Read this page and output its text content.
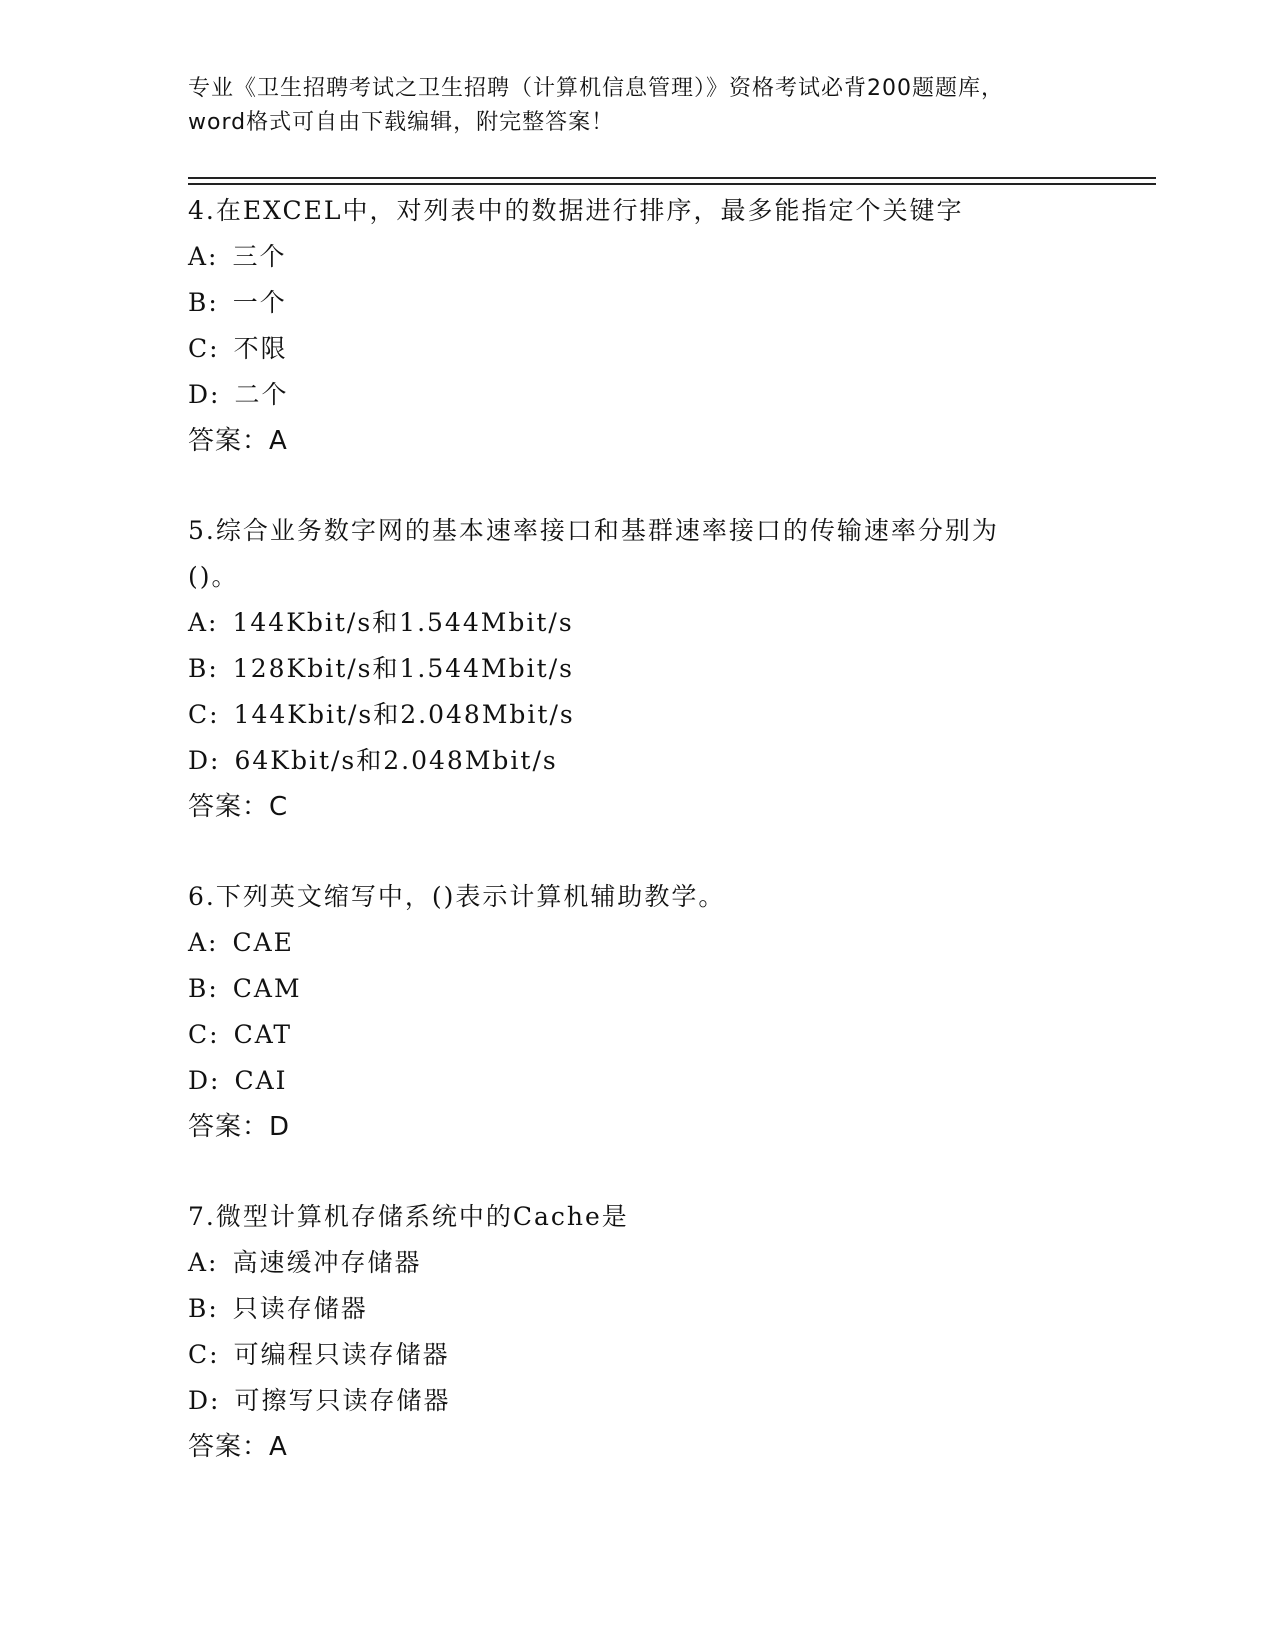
专业《卫生招聘考试之卫生招聘（计算机信息管理）》资格考试必背200题题库，
word格式可自由下载编辑，附完整答案！
4.在EXCEL中，对列表中的数据进行排序，最多能指定个关键字
A: 三个
B: 一个
C: 不限
D: 二个
答案：A
5.综合业务数字网的基本速率接口和基群速率接口的传输速率分别为
()。
A: 144Kbit/s和1.544Mbit/s
B: 128Kbit/s和1.544Mbit/s
C: 144Kbit/s和2.048Mbit/s
D: 64Kbit/s和2.048Mbit/s
答案：C
6.下列英文缩写中，()表示计算机辅助教学。
A: CAE
B: CAM
C: CAT
D: CAI
答案：D
7.微型计算机存储系统中的Cache是
A: 高速缓冲存储器
B: 只读存储器
C: 可编程只读存储器
D: 可擦写只读存储器
答案：A
